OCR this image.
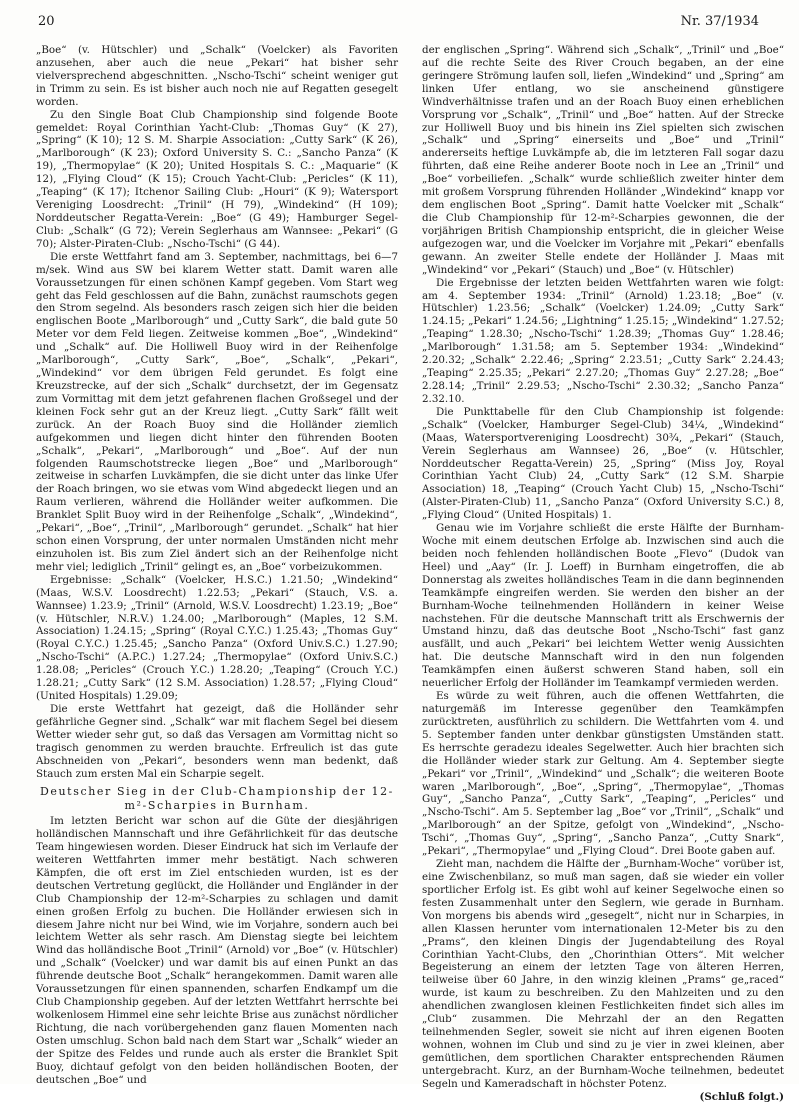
20	Nr. 37/1934

„Boe“ (v. Hütschler) und „Schalk“ (Voelcker) als Favoriten anzusehen, aber auch die neue „Pekari“ hat bisher sehr vielversprechend abgeschnitten. „Nscho-Tschi“ scheint weniger gut in Trimm zu sein. Es ist bisher auch noch nie auf Regatten gesegelt worden.

Zu den Single Boat Club Championship sind folgende Boote gemeldet: Royal Corinthian Yacht-Club: „Thomas Guy“ (K 27), „Spring“ (K 10); 12 S. M. Sharpie Association: „Cutty Sark“ (K 26), „Marlborough“ (K 23); Oxford University S. C.: „Sancho Panza“ (K 19), „Thermopylae“ (K 20); United Hospitals S. C.: „Maquarie“ (K 12), „Flying Cloud“ (K 15); Crouch Yacht-Club: „Pericles“ (K 11), „Teaping“ (K 17); Itchenor Sailing Club: „Houri“ (K 9); Watersport Vereniging Loosdrecht: „Trinil“ (H 79), „Windekind“ (H 109); Norddeutscher Regatta-Verein: „Boe“ (G 49); Hamburger Segel-Club: „Schalk“ (G 72); Verein Seglerhaus am Wannsee: „Pekari“ (G 70); Alster-Piraten-Club: „Nscho-Tschi“ (G 44).

Die erste Wettfahrt fand am 3. September, nachmittags, bei 6—7 m/sek. Wind aus SW bei klarem Wetter statt. Damit waren alle Voraussetzungen für einen schönen Kampf gegeben. Vom Start weg geht das Feld geschlossen auf die Bahn, zunächst raumschots gegen den Strom segelnd. Als besonders rasch zeigen sich hier die beiden englischen Boote „Marlborough“ und „Cutty Sark“, die bald gute 50 Meter vor dem Feld liegen. Zeitweise kommen „Boe“, „Windekind“ und „Schalk“ auf. Die Holliwell Buoy wird in der Reihenfolge „Marlborough“, „Cutty Sark“, „Boe“, „Schalk“, „Pekari“, „Windekind“ vor dem übrigen Feld gerundet. Es folgt eine Kreuzstrecke, auf der sich „Schalk“ durchsetzt, der im Gegensatz zum Vormittag mit dem jetzt gefahrenen flachen Großsegel und der kleinen Fock sehr gut an der Kreuz liegt. „Cutty Sark“ fällt weit zurück. An der Roach Buoy sind die Holländer ziemlich aufgekommen und liegen dicht hinter den führenden Booten „Schalk“, „Pekari“, „Marlborough“ und „Boe“. Auf der nun folgenden Raumschotstrecke liegen „Boe“ und „Marlborough“ zeitweise in scharfen Luvkämpfen, die sie dicht unter das linke Ufer der Roach bringen, wo sie etwas vom Wind abgedeckt liegen und an Raum verlieren, während die Holländer weiter aufkommen. Die Branklet Split Buoy wird in der Reihenfolge „Schalk“, „Windekind“, „Pekari“, „Boe“, „Trinil“, „Marlborough“ gerundet. „Schalk“ hat hier schon einen Vorsprung, der unter normalen Umständen nicht mehr einzuholen ist. Bis zum Ziel ändert sich an der Reihenfolge nicht mehr viel; lediglich „Trinil“ gelingt es, an „Boe“ vorbeizukommen.

Ergebnisse: „Schalk“ (Voelcker, H.S.C.) 1.21.50; „Windekind“ (Maas, W.S.V. Loosdrecht) 1.22.53; „Pekari“ (Stauch, V.S. a. Wannsee) 1.23.9; „Trinil“ (Arnold, W.S.V. Loosdrecht) 1.23.19; „Boe“ (v. Hütschler, N.R.V.) 1.24.00; „Marlborough“ (Maples, 12 S.M. Association) 1.24.15; „Spring“ (Royal C.Y.C.) 1.25.43; „Thomas Guy“ (Royal C.Y.C.) 1.25.45; „Sancho Panza“ (Oxford Univ.S.C.) 1.27.90; „Nscho-Tschi“ (A.P.C.) 1.27.24; „Thermopylae“ (Oxford Univ.S.C.) 1.28.08; „Pericles“ (Crouch Y.C.) 1.28.20; „Teaping“ (Crouch Y.C.) 1.28.21; „Cutty Sark“ (12 S.M. Association) 1.28.57; „Flying Cloud“ (United Hospitals) 1.29.09;

Die erste Wettfahrt hat gezeigt, daß die Holländer sehr gefährliche Gegner sind. „Schalk“ war mit flachem Segel bei diesem Wetter wieder sehr gut, so daß das Versagen am Vormittag nicht so tragisch genommen zu werden brauchte. Erfreulich ist das gute Abschneiden von „Pekari“, besonders wenn man bedenkt, daß Stauch zum ersten Mal ein Scharpie segelt.

Deutscher Sieg in der Club-Championship der 12-m²-Scharpies in Burnham.

Im letzten Bericht war schon auf die Güte der diesjährigen holländischen Mannschaft und ihre Gefährlichkeit für das deutsche Team hingewiesen worden. Dieser Eindruck hat sich im Verlaufe der weiteren Wettfahrten immer mehr bestätigt. Nach schweren Kämpfen, die oft erst im Ziel entschieden wurden, ist es der deutschen Vertretung geglückt, die Holländer und Engländer in der Club Championship der 12-m²-Scharpies zu schlagen und damit einen großen Erfolg zu buchen. Die Holländer erwiesen sich in diesem Jahre nicht nur bei Wind, wie im Vorjahre, sondern auch bei leichtem Wetter als sehr rasch. Am Dienstag siegte bei leichtem Wind das holländische Boot „Trinil“ (Arnold) vor „Boe“ (v. Hütschler) und „Schalk“ (Voelcker) und war damit bis auf einen Punkt an das führende deutsche Boot „Schalk“ herangekommen. Damit waren alle Voraussetzungen für einen spannenden, scharfen Endkampf um die Club Championship gegeben. Auf der letzten Wettfahrt herrschte bei wolkenlosem Himmel eine sehr leichte Brise aus zunächst nördlicher Richtung, die nach vorübergehenden ganz flauen Momenten nach Osten umschlug. Schon bald nach dem Start war „Schalk“ wieder an der Spitze des Feldes und runde auch als erster die Branklet Spit Buoy, dichtauf gefolgt von den beiden holländischen Booten, der deutschen „Boe“ und

der englischen „Spring“. Während sich „Schalk“, „Trinil“ und „Boe“ auf die rechte Seite des River Crouch begaben, an der eine geringere Strömung laufen soll, liefen „Windekind“ und „Spring“ am linken Ufer entlang, wo sie anscheinend günstigere Windverhältnisse trafen und an der Roach Buoy einen erheblichen Vorsprung vor „Schalk“, „Trinil“ und „Boe“ hatten. Auf der Strecke zur Holliwell Buoy und bis hinein ins Ziel spielten sich zwischen „Schalk“ und „Spring“ einerseits und „Boe“ und „Trinil“ andererseits heftige Luvkämpfe ab, die im letzteren Fall sogar dazu führten, daß eine Reihe anderer Boote noch in Lee an „Trinil“ und „Boe“ vorbeiliefen. „Schalk“ wurde schließlich zweiter hinter dem mit großem Vorsprung führenden Holländer „Windekind“ knapp vor dem englischen Boot „Spring“. Damit hatte Voelcker mit „Schalk“ die Club Championship für 12-m²-Scharpies gewonnen, die der vorjährigen British Championship entspricht, die in gleicher Weise aufgezogen war, und die Voelcker im Vorjahre mit „Pekari“ ebenfalls gewann. An zweiter Stelle endete der Holländer J. Maas mit „Windekind“ vor „Pekari“ (Stauch) und „Boe“ (v. Hütschler)

Die Ergebnisse der letzten beiden Wettfahrten waren wie folgt: am 4. September 1934: „Trinil“ (Arnold) 1.23.18; „Boe“ (v. Hütschler) 1.23.56; „Schalk“ (Voelcker) 1.24.09; „Cutty Sark“ 1.24.15; „Pekari“ 1.24.56; „Lightning“ 1.25.15; „Windekind“ 1.27.52; „Teaping“ 1.28.30; „Nscho-Tschi“ 1.28.39; „Thomas Guy“ 1.28.46; „Marlborough“ 1.31.58; am 5. September 1934: „Windekind“ 2.20.32; „Schalk“ 2.22.46; „Spring“ 2.23.51; „Cutty Sark“ 2.24.43; „Teaping“ 2.25.35; „Pekari“ 2.27.20; „Thomas Guy“ 2.27.28; „Boe“ 2.28.14; „Trinil“ 2.29.53; „Nscho-Tschi“ 2.30.32; „Sancho Panza“ 2.32.10.

Die Punkttabelle für den Club Championship ist folgende: „Schalk“ (Voelcker, Hamburger Segel-Club) 34¼, „Windekind“ (Maas, Watersportvereniging Loosdrecht) 30¾, „Pekari“ (Stauch, Verein Seglerhaus am Wannsee) 26, „Boe“ (v. Hütschler, Norddeutscher Regatta-Verein) 25, „Spring“ (Miss Joy, Royal Corinthian Yacht Club) 24, „Cutty Sark“ (12 S.M. Sharpie Association) 18, „Teaping“ (Crouch Yacht Club) 15, „Nscho-Tschi“ (Alster-Piraten-Club) 11, „Sancho Panza“ (Oxford University S.C.) 8, „Flying Cloud“ (United Hospitals) 1.

Genau wie im Vorjahre schließt die erste Hälfte der Burnham-Woche mit einem deutschen Erfolge ab. Inzwischen sind auch die beiden noch fehlenden holländischen Boote „Flevo“ (Dudok van Heel) und „Aay“ (Ir. J. Loeff) in Burnham eingetroffen, die ab Donnerstag als zweites holländisches Team in die dann beginnenden Teamkämpfe eingreifen werden. Sie werden den bisher an der Burnham-Woche teilnehmenden Holländern in keiner Weise nachstehen. Für die deutsche Mannschaft tritt als Erschwernis der Umstand hinzu, daß das deutsche Boot „Nscho-Tschi“ fast ganz ausfällt, und auch „Pekari“ bei leichtem Wetter wenig Aussichten hat. Die deutsche Mannschaft wird in den nun folgenden Teamkämpfen einen äußerst schweren Stand haben, soll ein neuerlicher Erfolg der Holländer im Teamkampf vermieden werden.

Es würde zu weit führen, auch die offenen Wettfahrten, die naturgemäß im Interesse gegenüber den Teamkämpfen zurücktreten, ausführlich zu schildern. Die Wettfahrten vom 4. und 5. September fanden unter denkbar günstigsten Umständen statt. Es herrschte geradezu ideales Segelwetter. Auch hier brachten sich die Holländer wieder stark zur Geltung. Am 4. September siegte „Pekari“ vor „Trinil“, „Windekind“ und „Schalk“; die weiteren Boote waren „Marlborough“, „Boe“, „Spring“, „Thermopylae“, „Thomas Guy“, „Sancho Panza“, „Cutty Sark“, „Teaping“, „Pericles“ und „Nscho-Tschi“. Am 5. September lag „Boe“ vor „Trinil“, „Schalk“ und „Marlborough“ an der Spitze, gefolgt von „Windekind“, „Nscho-Tschi“, „Thomas Guy“, „Spring“, „Sancho Panza“, „Cutty Snark“, „Pekari“, „Thermopylae“ und „Flying Cloud“. Drei Boote gaben auf.

Zieht man, nachdem die Hälfte der „Burnham-Woche“ vorüber ist, eine Zwischenbilanz, so muß man sagen, daß sie wieder ein voller sportlicher Erfolg ist. Es gibt wohl auf keiner Segelwoche einen so festen Zusammenhalt unter den Seglern, wie gerade in Burnham. Von morgens bis abends wird „gesegelt“, nicht nur in Scharpies, in allen Klassen herunter vom internationalen 12-Meter bis zu den „Prams“, den kleinen Dingis der Jugendabteilung des Royal Corinthian Yacht-Clubs, den „Chorinthian Otters“. Mit welcher Begeisterung an einem der letzten Tage von älteren Herren, teilweise über 60 Jahre, in den winzig kleinen „Prams“ ge„raced“ wurde, ist kaum zu beschreiben. Zu den Mahlzeiten und zu den ahendlichen zwanglosen kleinen Festlichkeiten findet sich alles im „Club“ zusammen. Die Mehrzahl der an den Regatten teilnehmenden Segler, soweit sie nicht auf ihren eigenen Booten wohnen, wohnen im Club und sind zu je vier in zwei kleinen, aber gemütlichen, dem sportlichen Charakter entsprechenden Räumen untergebracht. Kurz, an der Burnham-Woche teilnehmen, bedeutet Segeln und Kameradschaft in höchster Potenz.

(Schluß folgt.)
